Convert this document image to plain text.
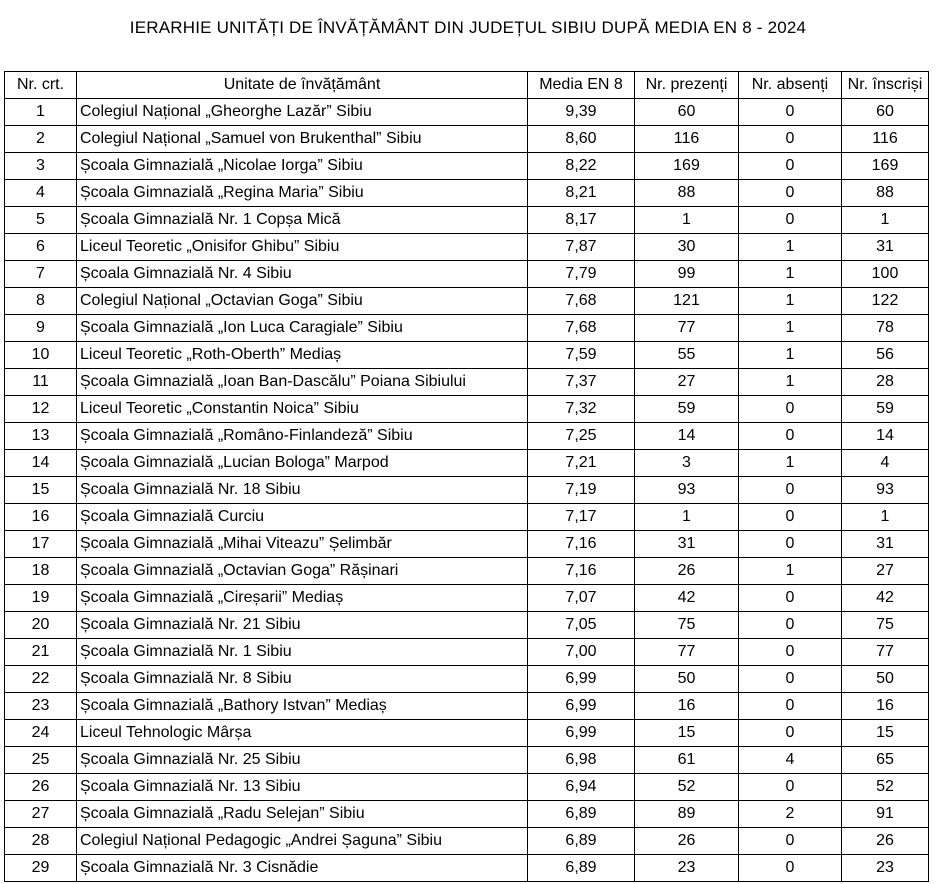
IERARHIE UNITĂȚI DE ÎNVĂȚĂMÂNT DIN JUDEȚUL SIBIU DUPĂ MEDIA EN 8 - 2024
Nr. crt.	Unitate de învățământ	Media EN 8	Nr. prezenți	Nr. absenți	Nr. înscriși
1	Colegiul Național „Gheorghe Lazăr” Sibiu	9,39	60	0	60
2	Colegiul Național „Samuel von Brukenthal” Sibiu	8,60	116	0	116
3	Școala Gimnazială „Nicolae Iorga” Sibiu	8,22	169	0	169
4	Școala Gimnazială „Regina Maria” Sibiu	8,21	88	0	88
5	Școala Gimnazială Nr. 1 Copșa Mică	8,17	1	0	1
6	Liceul Teoretic „Onisifor Ghibu” Sibiu	7,87	30	1	31
7	Școala Gimnazială Nr. 4 Sibiu	7,79	99	1	100
8	Colegiul Național „Octavian Goga” Sibiu	7,68	121	1	122
9	Școala Gimnazială „Ion Luca Caragiale” Sibiu	7,68	77	1	78
10	Liceul Teoretic „Roth-Oberth” Mediaș	7,59	55	1	56
11	Școala Gimnazială „Ioan Ban-Dascălu” Poiana Sibiului	7,37	27	1	28
12	Liceul Teoretic „Constantin Noica” Sibiu	7,32	59	0	59
13	Școala Gimnazială „Româno-Finlandeză” Sibiu	7,25	14	0	14
14	Școala Gimnazială „Lucian Bologa” Marpod	7,21	3	1	4
15	Școala Gimnazială Nr. 18 Sibiu	7,19	93	0	93
16	Școala Gimnazială Curciu	7,17	1	0	1
17	Școala Gimnazială „Mihai Viteazu” Șelimbăr	7,16	31	0	31
18	Școala Gimnazială „Octavian Goga” Rășinari	7,16	26	1	27
19	Școala Gimnazială „Cireșarii” Mediaș	7,07	42	0	42
20	Școala Gimnazială Nr. 21 Sibiu	7,05	75	0	75
21	Școala Gimnazială Nr. 1 Sibiu	7,00	77	0	77
22	Școala Gimnazială Nr. 8 Sibiu	6,99	50	0	50
23	Școala Gimnazială „Bathory Istvan” Mediaș	6,99	16	0	16
24	Liceul Tehnologic Mârșa	6,99	15	0	15
25	Școala Gimnazială Nr. 25 Sibiu	6,98	61	4	65
26	Școala Gimnazială Nr. 13 Sibiu	6,94	52	0	52
27	Școala Gimnazială „Radu Selejan” Sibiu	6,89	89	2	91
28	Colegiul Național Pedagogic „Andrei Șaguna” Sibiu	6,89	26	0	26
29	Școala Gimnazială Nr. 3 Cisnădie	6,89	23	0	23
